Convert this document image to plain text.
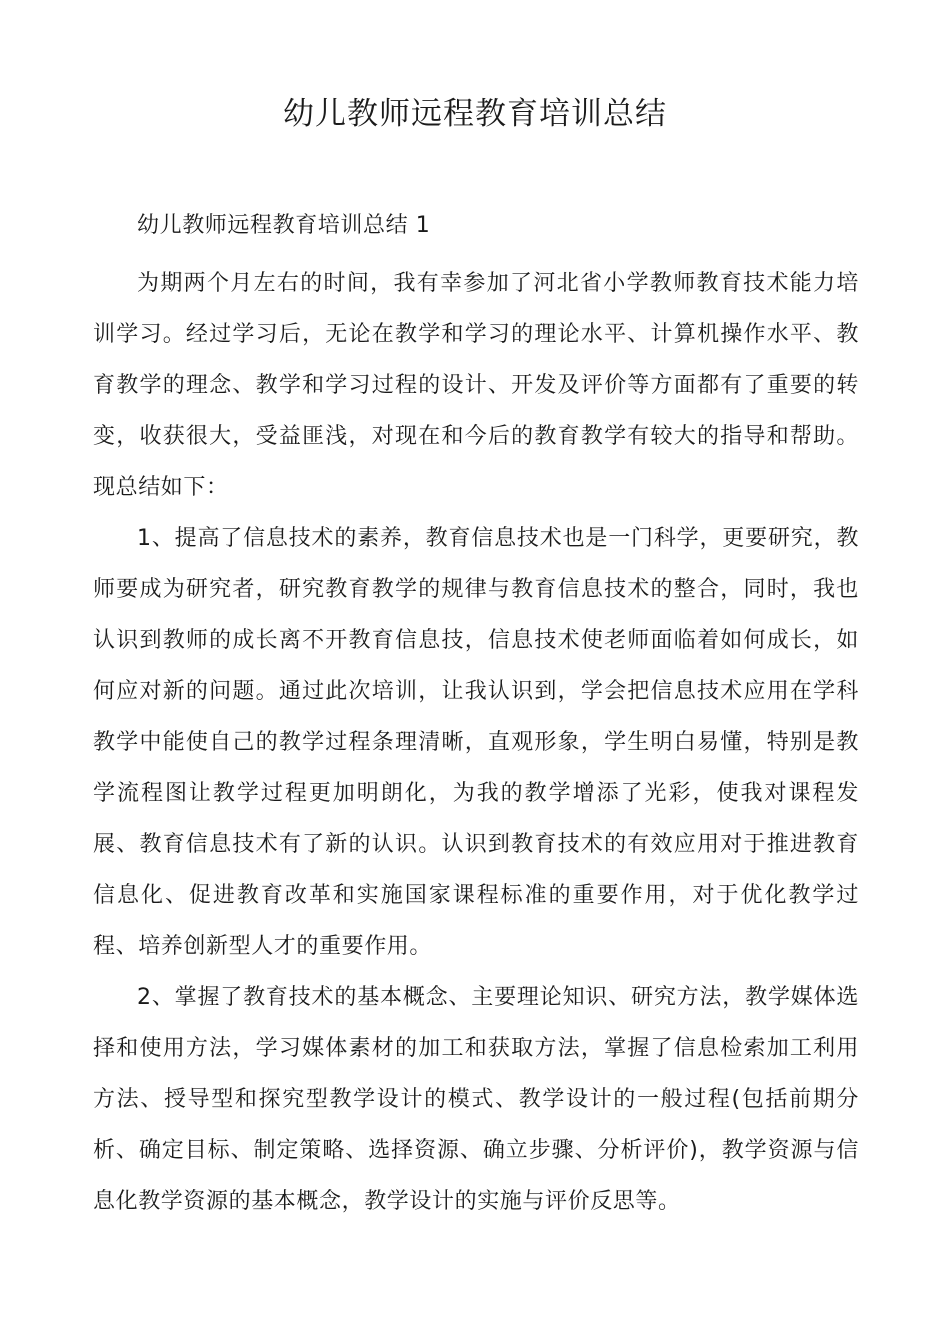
幼儿教师远程教育培训总结

幼儿教师远程教育培训总结 1

为期两个月左右的时间，我有幸参加了河北省小学教师教育技术能力培训学习。经过学习后，无论在教学和学习的理论水平、计算机操作水平、教育教学的理念、教学和学习过程的设计、开发及评价等方面都有了重要的转变，收获很大，受益匪浅，对现在和今后的教育教学有较大的指导和帮助。现总结如下：

1、提高了信息技术的素养，教育信息技术也是一门科学，更要研究，教师要成为研究者，研究教育教学的规律与教育信息技术的整合，同时，我也认识到教师的成长离不开教育信息技，信息技术使老师面临着如何成长，如何应对新的问题。通过此次培训，让我认识到，学会把信息技术应用在学科教学中能使自己的教学过程条理清晰，直观形象，学生明白易懂，特别是教学流程图让教学过程更加明朗化，为我的教学增添了光彩，使我对课程发展、教育信息技术有了新的认识。认识到教育技术的有效应用对于推进教育信息化、促进教育改革和实施国家课程标准的重要作用，对于优化教学过程、培养创新型人才的重要作用。

2、掌握了教育技术的基本概念、主要理论知识、研究方法，教学媒体选择和使用方法，学习媒体素材的加工和获取方法，掌握了信息检索加工利用方法、授导型和探究型教学设计的模式、教学设计的一般过程(包括前期分析、确定目标、制定策略、选择资源、确立步骤、分析评价)，教学资源与信息化教学资源的基本概念，教学设计的实施与评价反思等。
